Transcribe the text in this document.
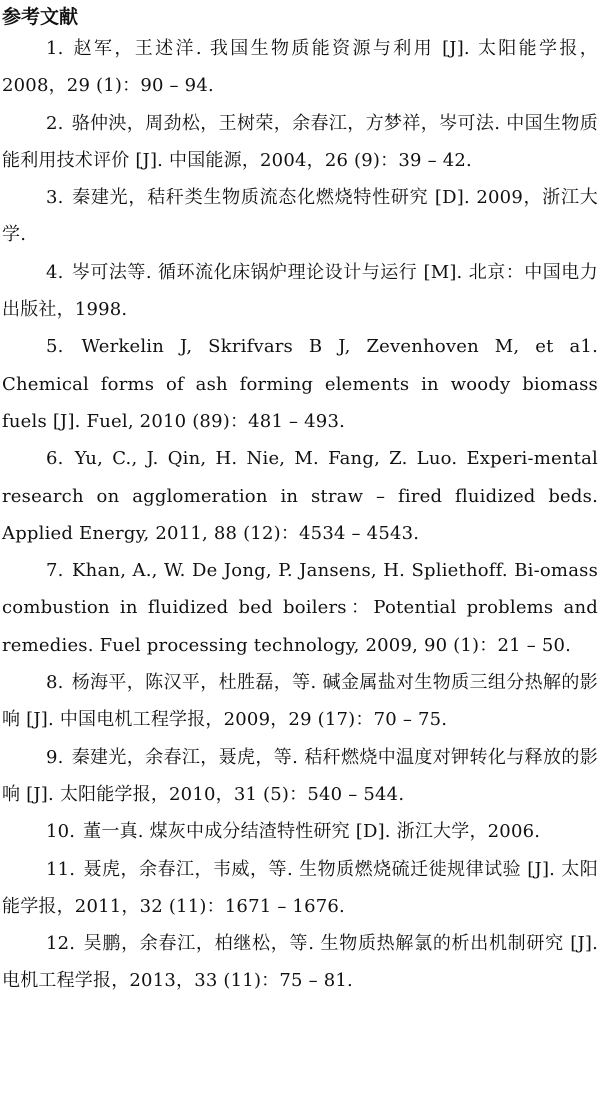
参考文献
1. 赵军，王述洋. 我国生物质能资源与利用 [J]. 太阳能学报，2008，29 (1)：90 – 94.
2. 骆仲泱，周劲松，王树荣，余春江，方梦祥，岑可法. 中国生物质能利用技术评价 [J]. 中国能源，2004，26 (9)：39 – 42.
3. 秦建光，秸秆类生物质流态化燃烧特性研究 [D]. 2009，浙江大学.
4. 岑可法等. 循环流化床锅炉理论设计与运行 [M]. 北京：中国电力出版社，1998.
5. Werkelin J, Skrifvars B J, Zevenhoven M, et a1. Chemical forms of ash forming elements in woody biomass fuels [J]. Fuel, 2010 (89)：481 – 493.
6. Yu, C., J. Qin, H. Nie, M. Fang, Z. Luo. Experi-mental research on agglomeration in straw – fired fluidized beds. Applied Energy, 2011, 88 (12)：4534 – 4543.
7. Khan, A., W. De Jong, P. Jansens, H. Spliethoff. Bi-omass combustion in fluidized bed boilers：Potential problems and remedies. Fuel processing technology, 2009, 90 (1)：21 – 50.
8. 杨海平，陈汉平，杜胜磊，等. 碱金属盐对生物质三组分热解的影响 [J]. 中国电机工程学报，2009，29 (17)：70 – 75.
9. 秦建光，余春江，聂虎，等. 秸秆燃烧中温度对钾转化与释放的影响 [J]. 太阳能学报，2010，31 (5)：540 – 544.
10. 董一真. 煤灰中成分结渣特性研究 [D]. 浙江大学，2006.
11. 聂虎，余春江，韦威，等. 生物质燃烧硫迁徙规律试验 [J]. 太阳能学报，2011，32 (11)：1671 – 1676.
12. 吴鹏，余春江，柏继松，等. 生物质热解氯的析出机制研究 [J]. 电机工程学报，2013，33 (11)：75 – 81.
